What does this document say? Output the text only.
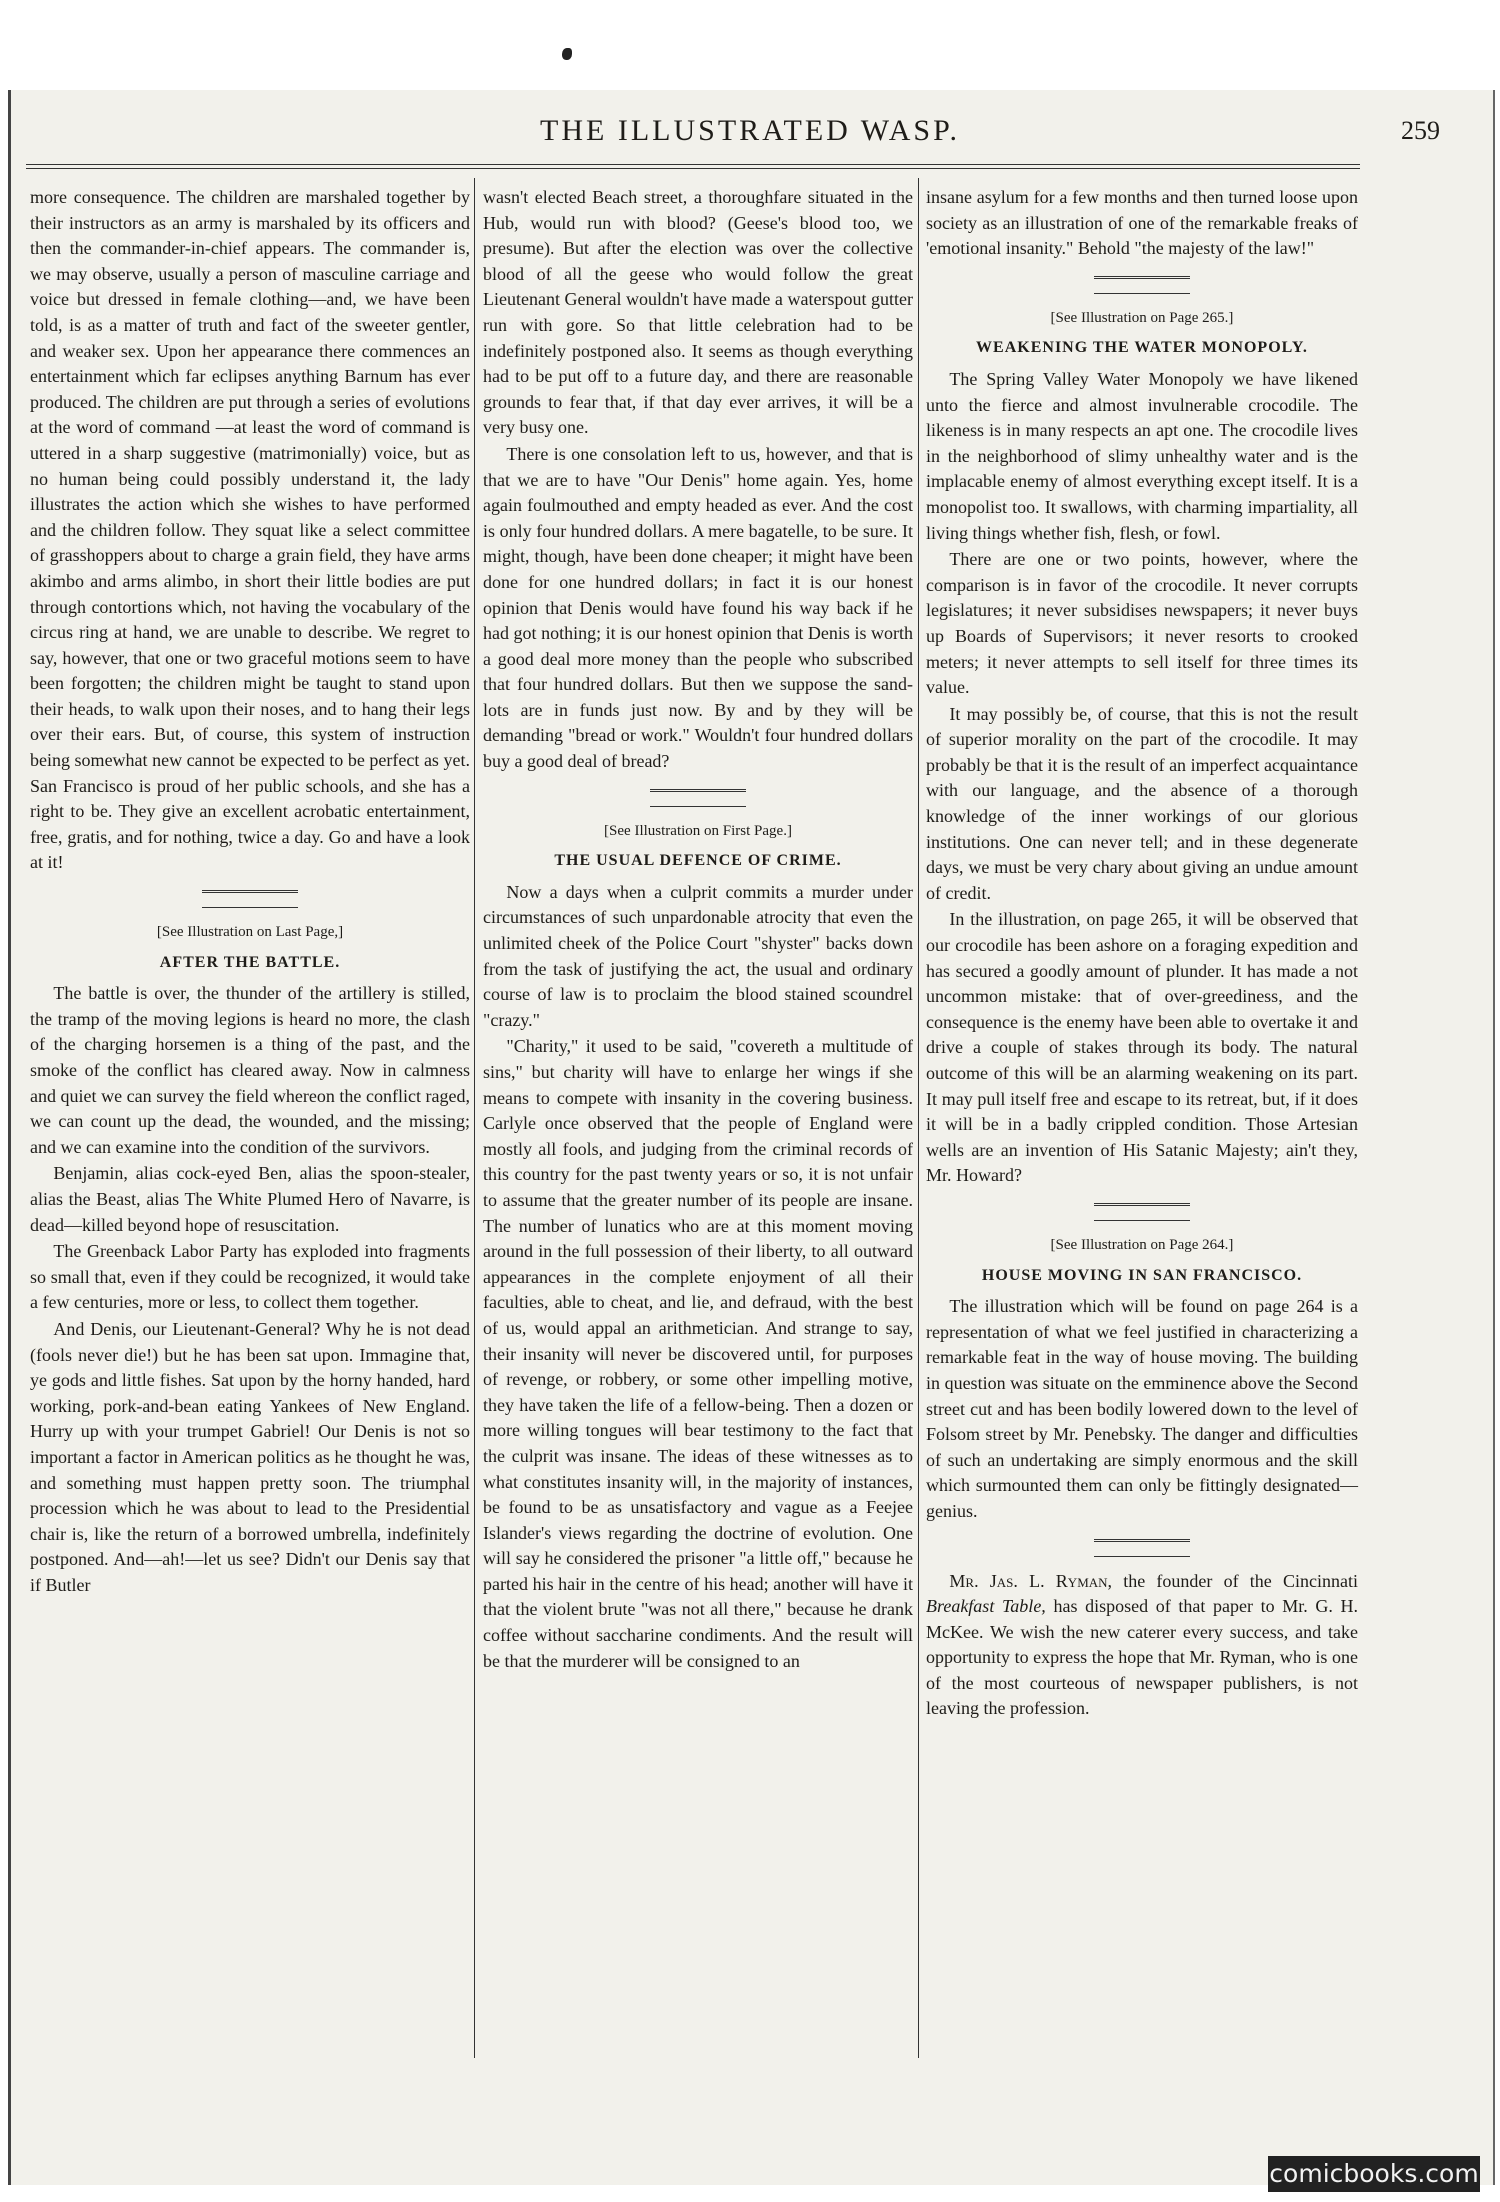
THE ILLUSTRATED WASP.	259

more consequence. The children are marshaled together by their instructors as an army is marshaled by its officers and then the commander-in-chief appears. The commander is, we may observe, usually a person of masculine carriage and voice but dressed in female clothing—and, we have been told, is as a matter of truth and fact of the sweeter gentler, and weaker sex. Upon her appearance there commences an entertainment which far eclipses anything Barnum has ever produced. The children are put through a series of evolutions at the word of command —at least the word of command is uttered in a sharp suggestive (matrimonially) voice, but as no human being could possibly understand it, the lady illustrates the action which she wishes to have performed and the children follow. They squat like a select committee of grasshoppers about to charge a grain field, they have arms akimbo and arms alimbo, in short their little bodies are put through contortions which, not having the vocabulary of the circus ring at hand, we are unable to describe. We regret to say, however, that one or two graceful motions seem to have been forgotten; the children might be taught to stand upon their heads, to walk upon their noses, and to hang their legs over their ears. But, of course, this system of instruction being somewhat new cannot be expected to be perfect as yet. San Francisco is proud of her public schools, and she has a right to be. They give an excellent acrobatic entertainment, free, gratis, and for nothing, twice a day. Go and have a look at it!

[See Illustration on Last Page,]
AFTER THE BATTLE.

The battle is over, the thunder of the artillery is stilled, the tramp of the moving legions is heard no more, the clash of the charging horsemen is a thing of the past, and the smoke of the conflict has cleared away. Now in calmness and quiet we can survey the field whereon the conflict raged, we can count up the dead, the wounded, and the missing; and we can examine into the condition of the survivors.

Benjamin, alias cock-eyed Ben, alias the spoon-stealer, alias the Beast, alias The White Plumed Hero of Navarre, is dead—killed beyond hope of resuscitation.

The Greenback Labor Party has exploded into fragments so small that, even if they could be recognized, it would take a few centuries, more or less, to collect them together.

And Denis, our Lieutenant-General? Why he is not dead (fools never die!) but he has been sat upon. Immagine that, ye gods and little fishes. Sat upon by the horny handed, hard working, pork-and-bean eating Yankees of New England. Hurry up with your trumpet Gabriel! Our Denis is not so important a factor in American politics as he thought he was, and something must happen pretty soon. The triumphal procession which he was about to lead to the Presidential chair is, like the return of a borrowed umbrella, indefinitely postponed. And—ah!—let us see? Didn't our Denis say that if Butler

wasn't elected Beach street, a thoroughfare situated in the Hub, would run with blood? (Geese's blood too, we presume). But after the election was over the collective blood of all the geese who would follow the great Lieutenant General wouldn't have made a waterspout gutter run with gore. So that little celebration had to be indefinitely postponed also. It seems as though everything had to be put off to a future day, and there are reasonable grounds to fear that, if that day ever arrives, it will be a very busy one.

There is one consolation left to us, however, and that is that we are to have "Our Denis" home again. Yes, home again foulmouthed and empty headed as ever. And the cost is only four hundred dollars. A mere bagatelle, to be sure. It might, though, have been done cheaper; it might have been done for one hundred dollars; in fact it is our honest opinion that Denis would have found his way back if he had got nothing; it is our honest opinion that Denis is worth a good deal more money than the people who subscribed that four hundred dollars. But then we suppose the sand-lots are in funds just now. By and by they will be demanding "bread or work." Wouldn't four hundred dollars buy a good deal of bread?

[See Illustration on First Page.]
THE USUAL DEFENCE OF CRIME.

Now a days when a culprit commits a murder under circumstances of such unpardonable atrocity that even the unlimited cheek of the Police Court "shyster" backs down from the task of justifying the act, the usual and ordinary course of law is to proclaim the blood stained scoundrel "crazy."

"Charity," it used to be said, "covereth a multitude of sins," but charity will have to enlarge her wings if she means to compete with insanity in the covering business. Carlyle once observed that the people of England were mostly all fools, and judging from the criminal records of this country for the past twenty years or so, it is not unfair to assume that the greater number of its people are insane. The number of lunatics who are at this moment moving around in the full possession of their liberty, to all outward appearances in the complete enjoyment of all their faculties, able to cheat, and lie, and defraud, with the best of us, would appal an arithmetician. And strange to say, their insanity will never be discovered until, for purposes of revenge, or robbery, or some other impelling motive, they have taken the life of a fellow-being. Then a dozen or more willing tongues will bear testimony to the fact that the culprit was insane. The ideas of these witnesses as to what constitutes insanity will, in the majority of instances, be found to be as unsatisfactory and vague as a Feejee Islander's views regarding the doctrine of evolution. One will say he considered the prisoner "a little off," because he parted his hair in the centre of his head; another will have it that the violent brute "was not all there," because he drank coffee without saccharine condiments. And the result will be that the murderer will be consigned to an

insane asylum for a few months and then turned loose upon society as an illustration of one of the remarkable freaks of 'emotional insanity." Behold "the majesty of the law!"

[See Illustration on Page 265.]
WEAKENING THE WATER MONOPOLY.

The Spring Valley Water Monopoly we have likened unto the fierce and almost invulnerable crocodile. The likeness is in many respects an apt one. The crocodile lives in the neighborhood of slimy unhealthy water and is the implacable enemy of almost everything except itself. It is a monopolist too. It swallows, with charming impartiality, all living things whether fish, flesh, or fowl.

There are one or two points, however, where the comparison is in favor of the crocodile. It never corrupts legislatures; it never subsidises newspapers; it never buys up Boards of Supervisors; it never resorts to crooked meters; it never attempts to sell itself for three times its value.

It may possibly be, of course, that this is not the result of superior morality on the part of the crocodile. It may probably be that it is the result of an imperfect acquaintance with our language, and the absence of a thorough knowledge of the inner workings of our glorious institutions. One can never tell; and in these degenerate days, we must be very chary about giving an undue amount of credit.

In the illustration, on page 265, it will be observed that our crocodile has been ashore on a foraging expedition and has secured a goodly amount of plunder. It has made a not uncommon mistake: that of over-greediness, and the consequence is the enemy have been able to overtake it and drive a couple of stakes through its body. The natural outcome of this will be an alarming weakening on its part. It may pull itself free and escape to its retreat, but, if it does it will be in a badly crippled condition. Those Artesian wells are an invention of His Satanic Majesty; ain't they, Mr. Howard?

[See Illustration on Page 264.]
HOUSE MOVING IN SAN FRANCISCO.

The illustration which will be found on page 264 is a representation of what we feel justified in characterizing a remarkable feat in the way of house moving. The building in question was situate on the emminence above the Second street cut and has been bodily lowered down to the level of Folsom street by Mr. Penebsky. The danger and difficulties of such an undertaking are simply enormous and the skill which surmounted them can only be fittingly designated—genius.

Mr. Jas. L. Ryman, the founder of the Cincinnati Breakfast Table, has disposed of that paper to Mr. G. H. McKee. We wish the new caterer every success, and take opportunity to express the hope that Mr. Ryman, who is one of the most courteous of newspaper publishers, is not leaving the profession.

comicbooks.com
